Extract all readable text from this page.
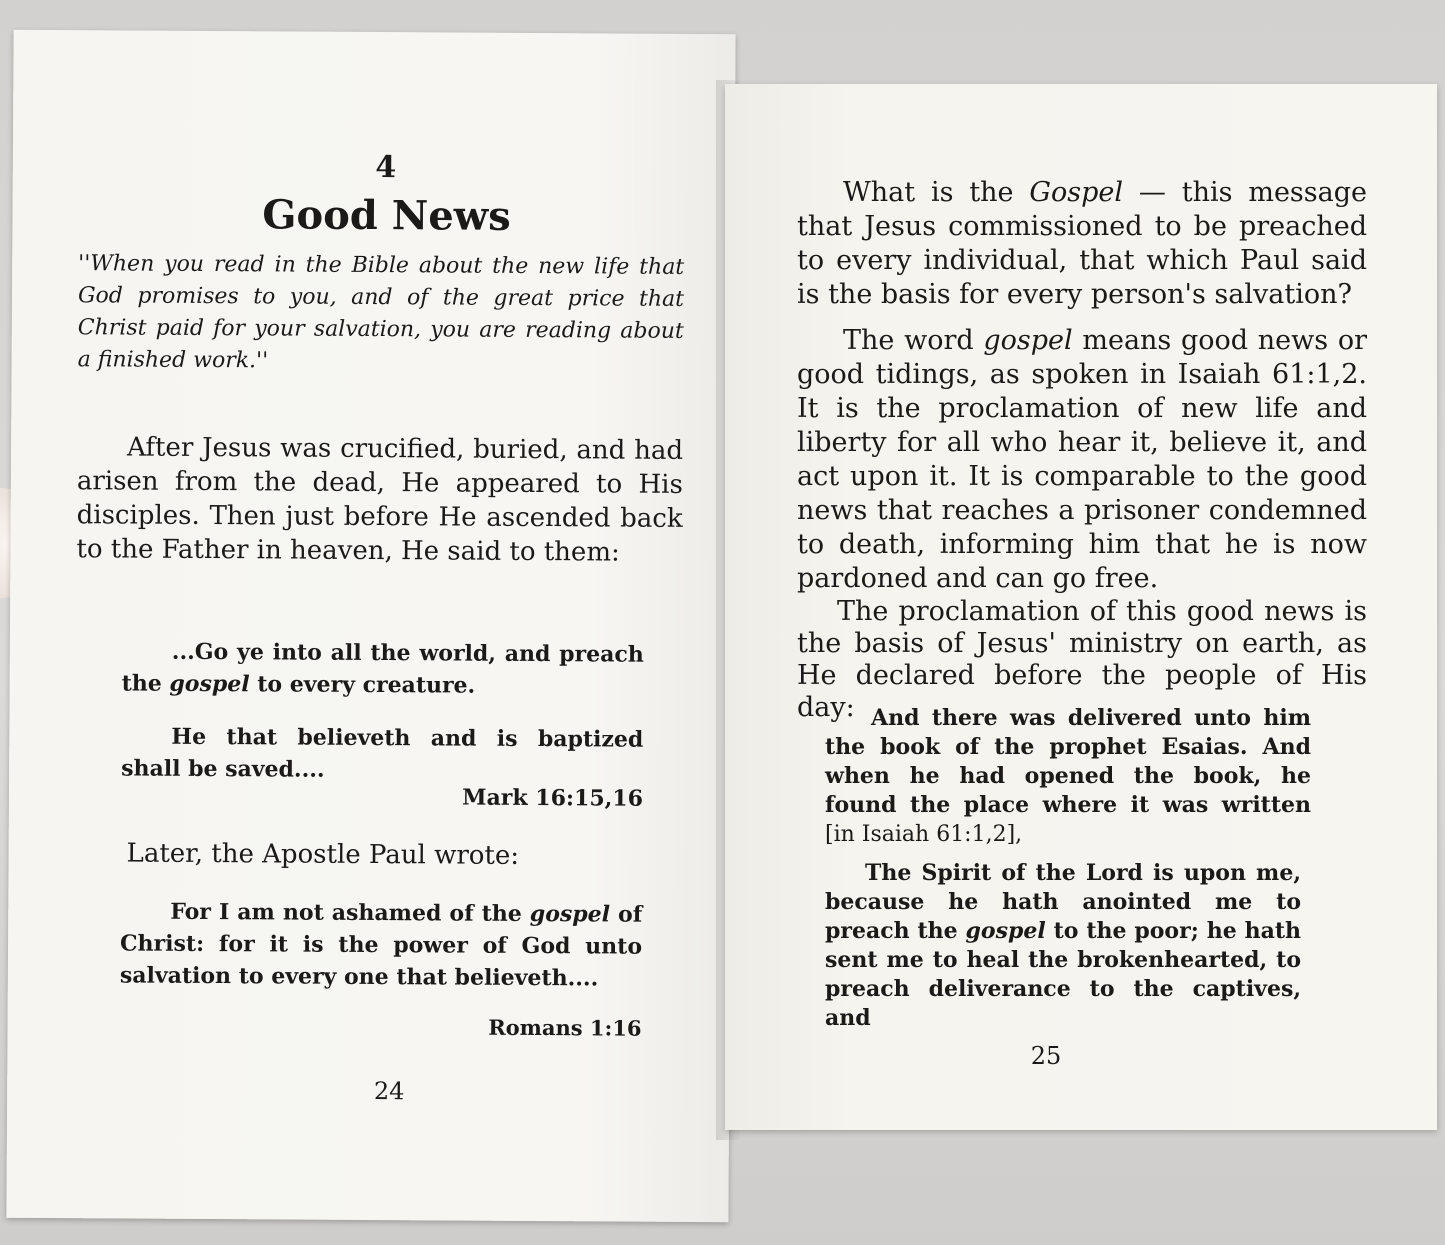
4
Good News
''When you read in the Bible about the new life that God promises to you, and of the great price that Christ paid for your salvation, you are reading about a finished work.''
After Jesus was crucified, buried, and had arisen from the dead, He appeared to His disciples. Then just before He ascended back to the Father in heaven, He said to them:
...Go ye into all the world, and preach the gospel to every creature.
He that believeth and is baptized shall be saved....
Mark 16:15,16
Later, the Apostle Paul wrote:
For I am not ashamed of the gospel of Christ: for it is the power of God unto salvation to every one that believeth....
Romans 1:16
24
What is the Gospel — this message that Jesus commissioned to be preached to every individual, that which Paul said is the basis for every person's salvation?
The word gospel means good news or good tidings, as spoken in Isaiah 61:1,2. It is the proclamation of new life and liberty for all who hear it, believe it, and act upon it. It is comparable to the good news that reaches a prisoner condemned to death, informing him that he is now pardoned and can go free.
The proclamation of this good news is the basis of Jesus' ministry on earth, as He declared before the people of His day: And there was delivered unto him the book of the prophet Esaias. And when he had opened the book, he found the place where it was written [in Isaiah 61:1,2],
The Spirit of the Lord is upon me, because he hath anointed me to preach the gospel to the poor; he hath sent me to heal the brokenhearted, to preach deliverance to the captives, and
25
